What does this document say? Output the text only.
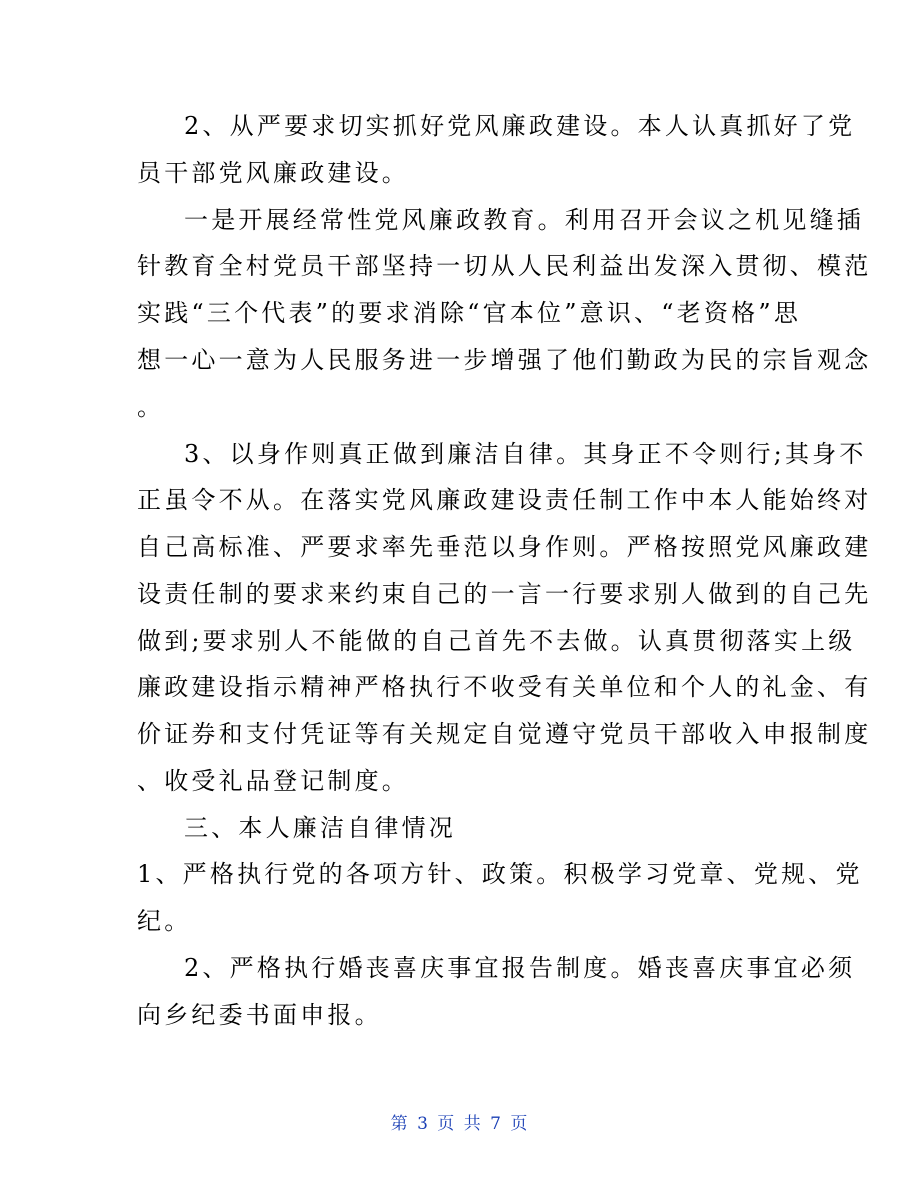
2、从严要求切实抓好党风廉政建设。本人认真抓好了党
员干部党风廉政建设。
一是开展经常性党风廉政教育。利用召开会议之机见缝插
针教育全村党员干部坚持一切从人民利益出发深入贯彻、模范
实践“三个代表”的要求消除“官本位”意识、“老资格”思
想一心一意为人民服务进一步增强了他们勤政为民的宗旨观念
。
3、以身作则真正做到廉洁自律。其身正不令则行;其身不
正虽令不从。在落实党风廉政建设责任制工作中本人能始终对
自己高标准、严要求率先垂范以身作则。严格按照党风廉政建
设责任制的要求来约束自己的一言一行要求别人做到的自己先
做到;要求别人不能做的自己首先不去做。认真贯彻落实上级
廉政建设指示精神严格执行不收受有关单位和个人的礼金、有
价证券和支付凭证等有关规定自觉遵守党员干部收入申报制度
、收受礼品登记制度。
三、本人廉洁自律情况
1、严格执行党的各项方针、政策。积极学习党章、党规、党
纪。
2、严格执行婚丧喜庆事宜报告制度。婚丧喜庆事宜必须
向乡纪委书面申报。
第 3 页 共 7 页
